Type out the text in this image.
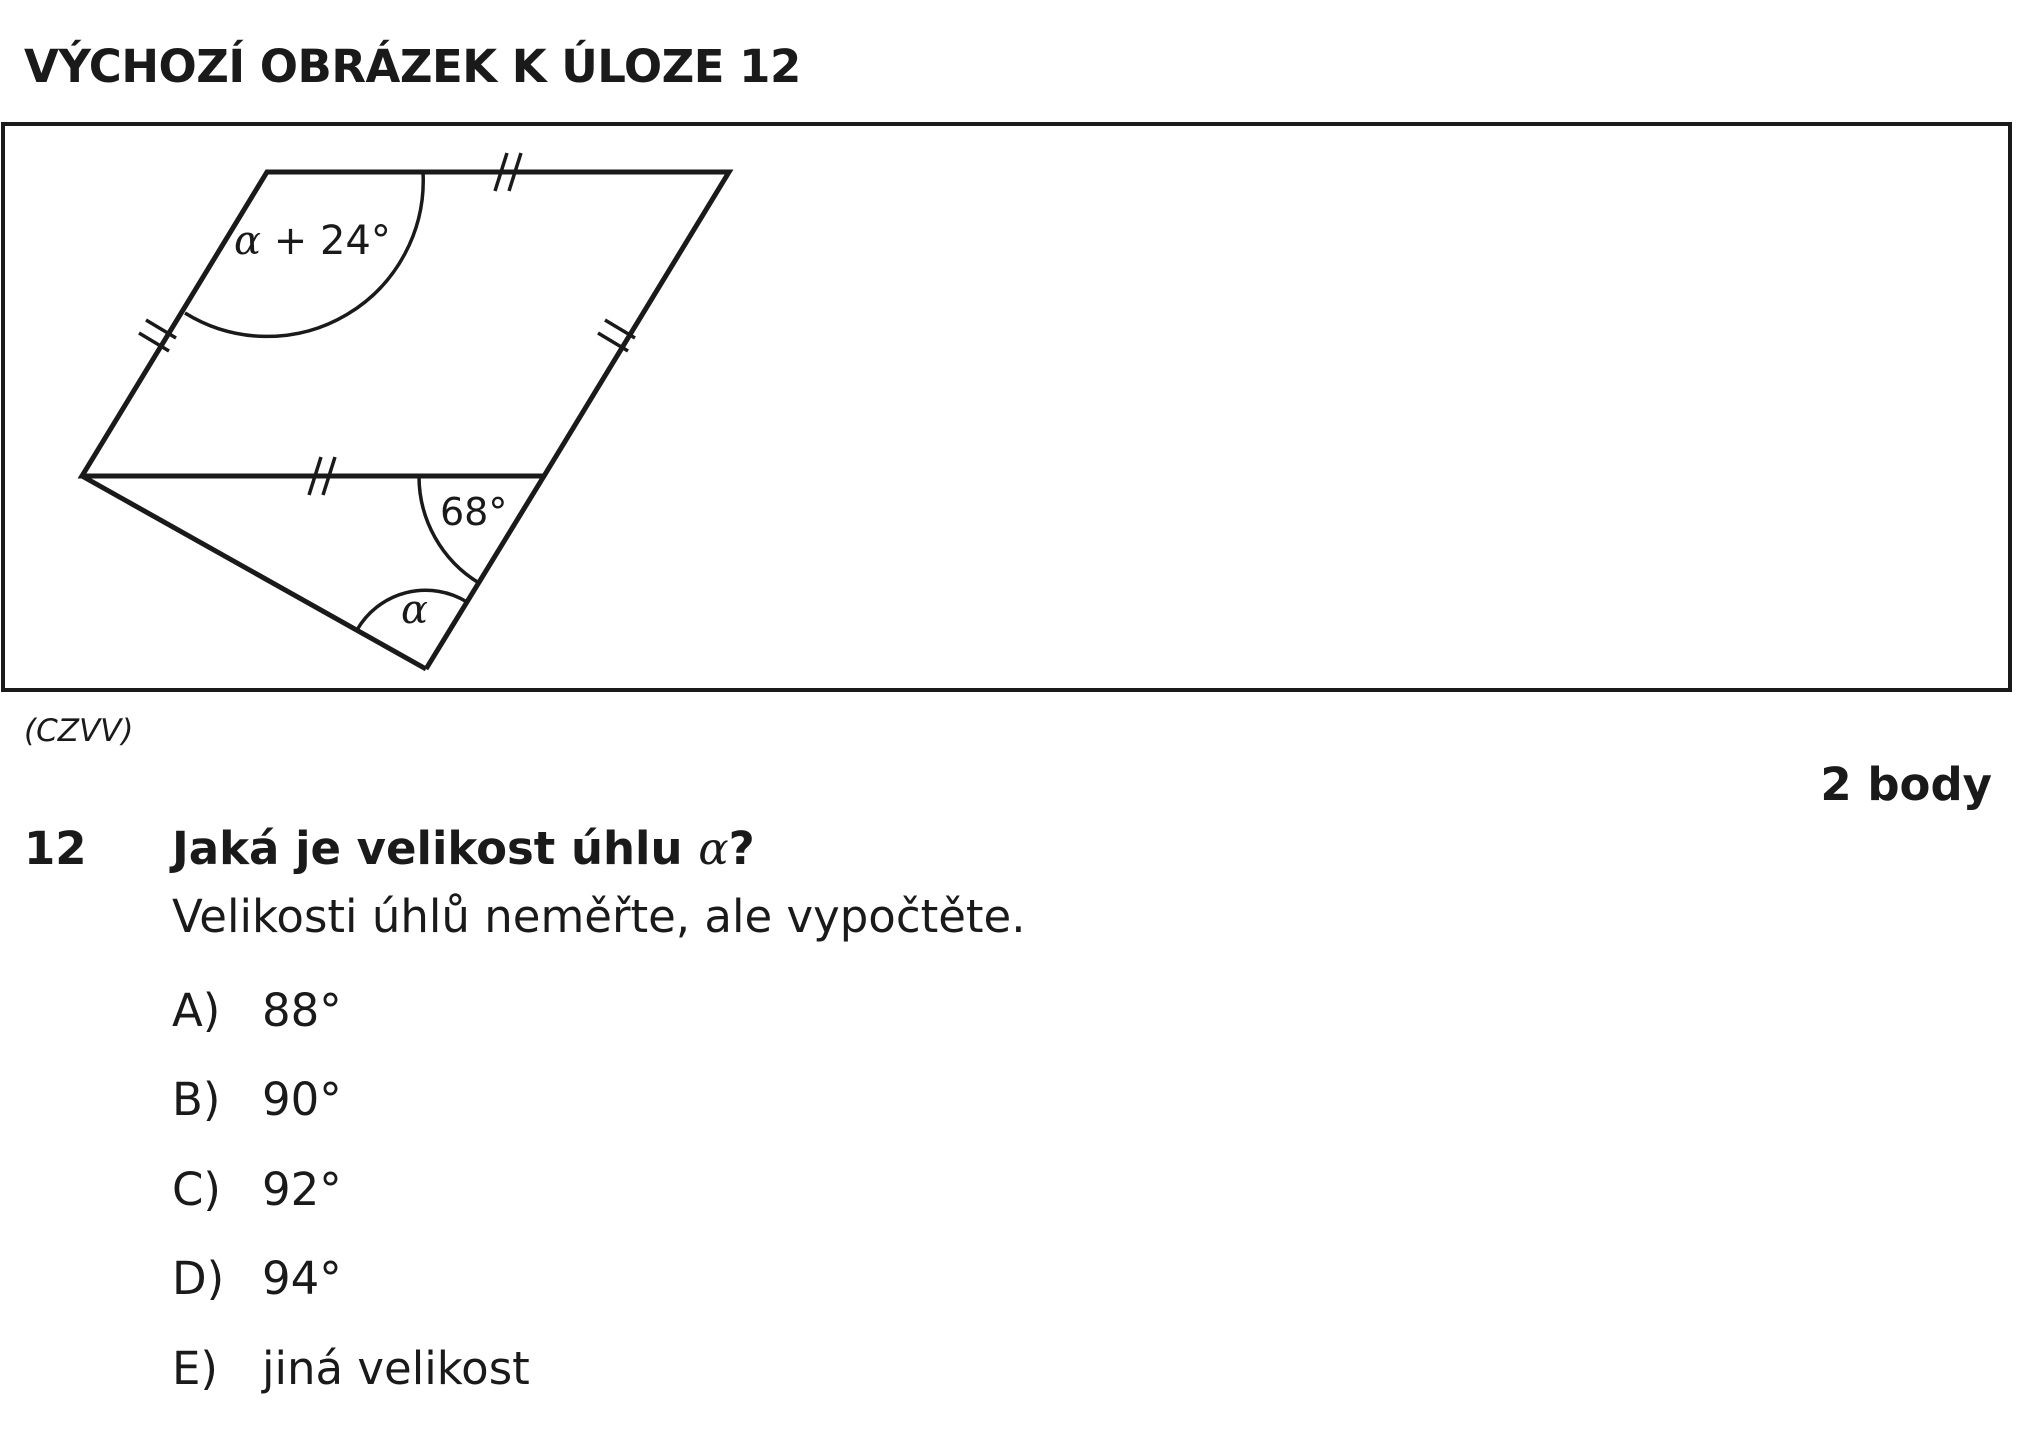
VÝCHOZÍ OBRÁZEK K ÚLOZE 12
α + 24°
68°
α
(CZVV)
2 body
12 Jaká je velikost úhlu α?
Velikosti úhlů neměřte, ale vypočtěte.
A) 88°
B) 90°
C) 92°
D) 94°
E) jiná velikost
